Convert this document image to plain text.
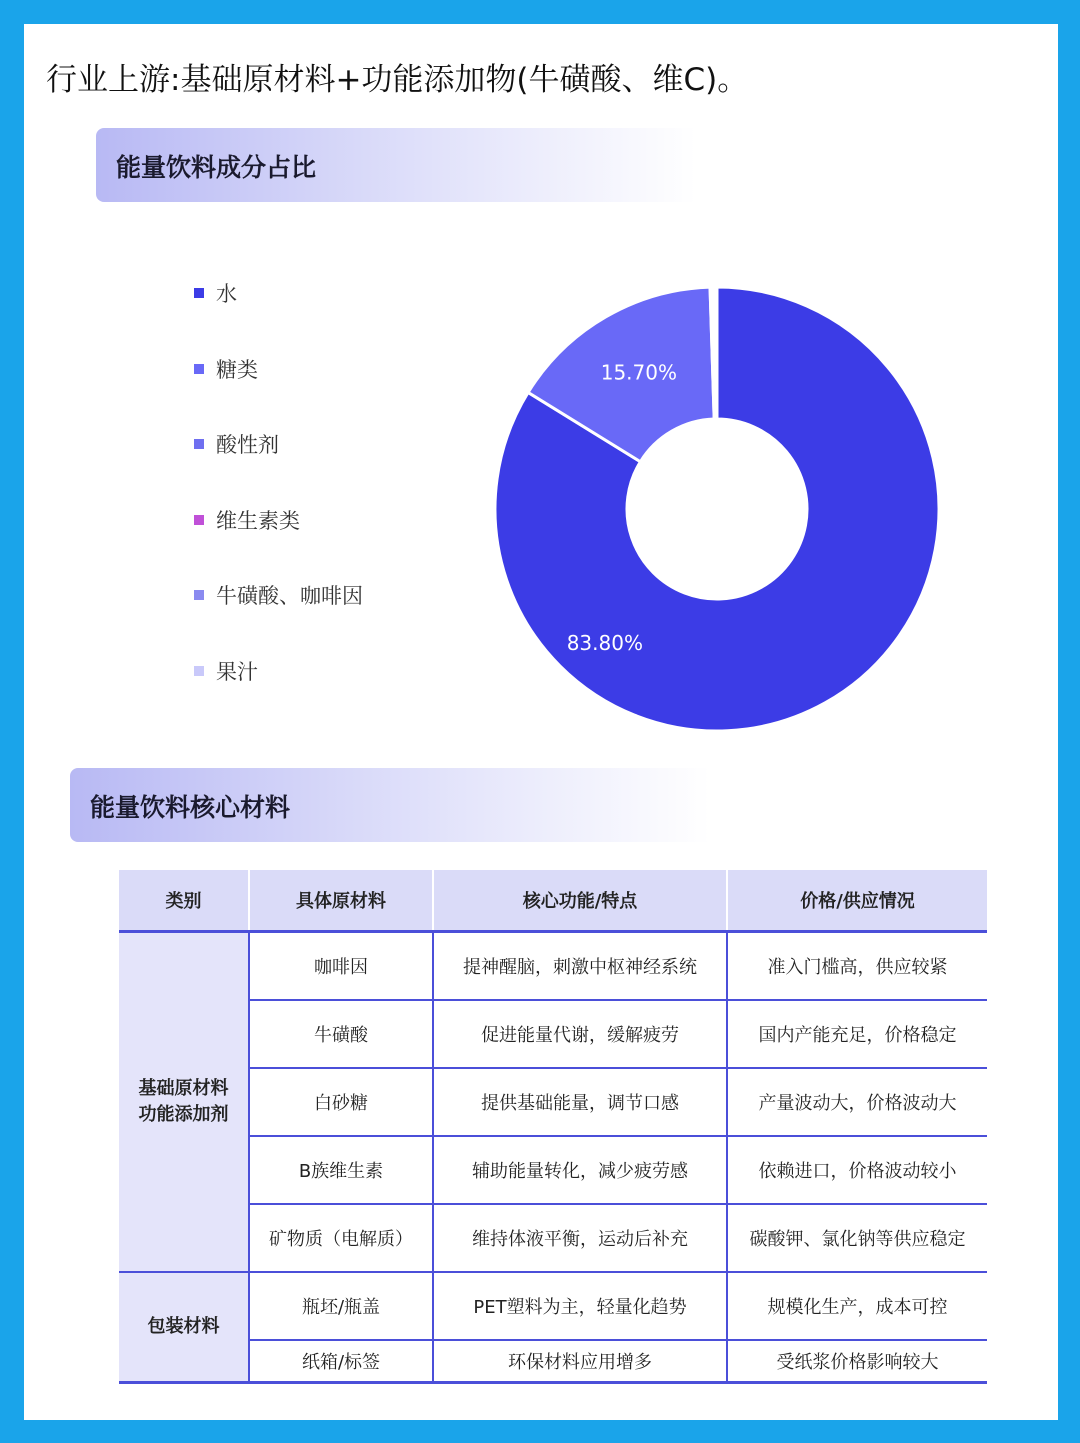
行业上游:基础原材料+功能添加物(牛磺酸、维C)。
能量饮料成分占比
水
糖类
酸性剂
维生素类
牛磺酸、咖啡因
果汁
83.80%
15.70%
能量饮料核心材料
类别	具体原材料	核心功能/特点	价格/供应情况
基础原材料
功能添加剂	咖啡因	提神醒脑，刺激中枢神经系统	准入门槛高，供应较紧
	牛磺酸	促进能量代谢，缓解疲劳	国内产能充足，价格稳定
	白砂糖	提供基础能量，调节口感	产量波动大，价格波动大
	B族维生素	辅助能量转化，减少疲劳感	依赖进口，价格波动较小
	矿物质（电解质）	维持体液平衡，运动后补充	碳酸钾、氯化钠等供应稳定
包装材料	瓶坯/瓶盖	PET塑料为主，轻量化趋势	规模化生产，成本可控
	纸箱/标签	环保材料应用增多	受纸浆价格影响较大
